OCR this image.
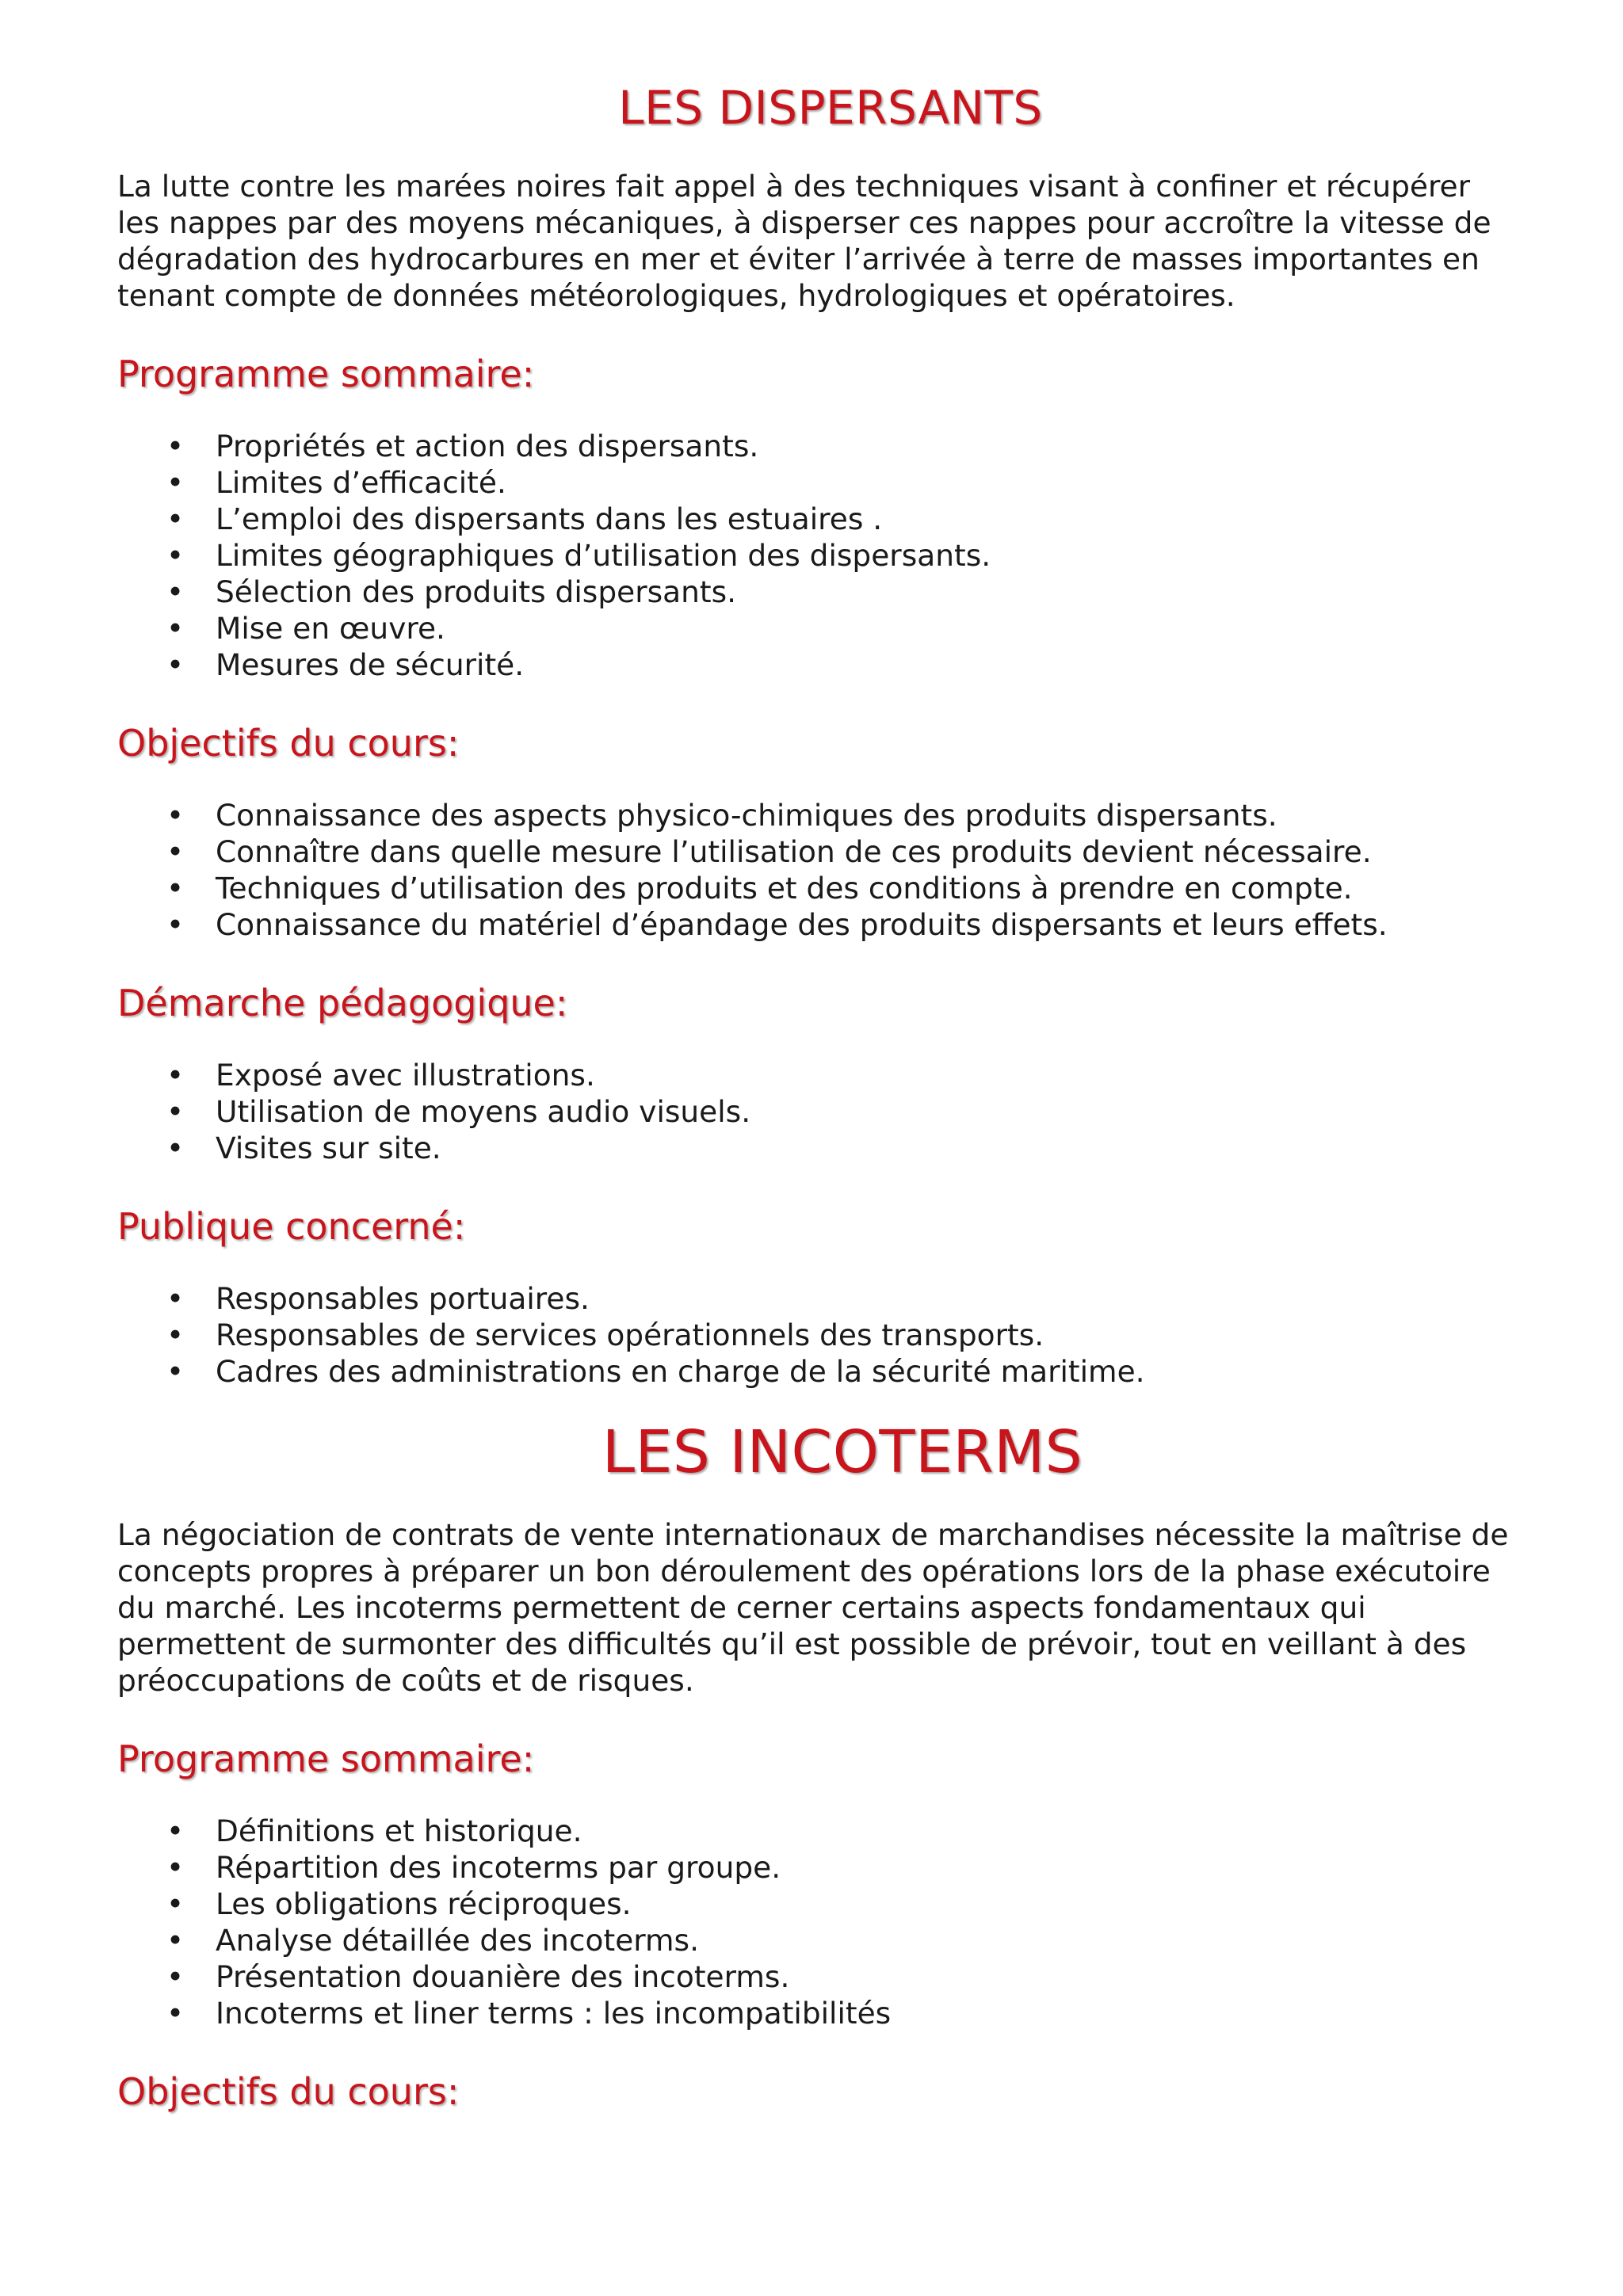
LES DISPERSANTS

La lutte contre les marées noires fait appel à des techniques visant à confiner et récupérer les nappes par des moyens mécaniques, à disperser ces nappes pour accroître la vitesse de dégradation des hydrocarbures en mer et éviter l’arrivée à terre de masses importantes en tenant compte de données météorologiques, hydrologiques et opératoires.

Programme sommaire:
• Propriétés et action des dispersants.
• Limites d’efficacité.
• L’emploi des dispersants dans les estuaires .
• Limites géographiques d’utilisation des dispersants.
• Sélection des produits dispersants.
• Mise en œuvre.
• Mesures de sécurité.
Objectifs du cours:
• Connaissance des aspects physico-chimiques des produits dispersants.
• Connaître dans quelle mesure l’utilisation de ces produits devient nécessaire.
• Techniques d’utilisation des produits et des conditions à prendre en compte.
• Connaissance du matériel d’épandage des produits dispersants et leurs effets.
Démarche pédagogique:
• Exposé avec illustrations.
• Utilisation de moyens audio visuels.
• Visites sur site.
Publique concerné:
• Responsables portuaires.
• Responsables de services opérationnels des transports.
• Cadres des administrations en charge de la sécurité maritime.
LES INCOTERMS

La négociation de contrats de vente internationaux de marchandises nécessite la maîtrise de concepts propres à préparer un bon déroulement des opérations lors de la phase exécutoire du marché. Les incoterms permettent de cerner certains aspects fondamentaux qui permettent de surmonter des difficultés qu’il est possible de prévoir, tout en veillant à des préoccupations de coûts et de risques.

Programme sommaire:
• Définitions et historique.
• Répartition des incoterms par groupe.
• Les obligations réciproques.
• Analyse détaillée des incoterms.
• Présentation douanière des incoterms.
• Incoterms et liner terms : les incompatibilités
Objectifs du cours:
